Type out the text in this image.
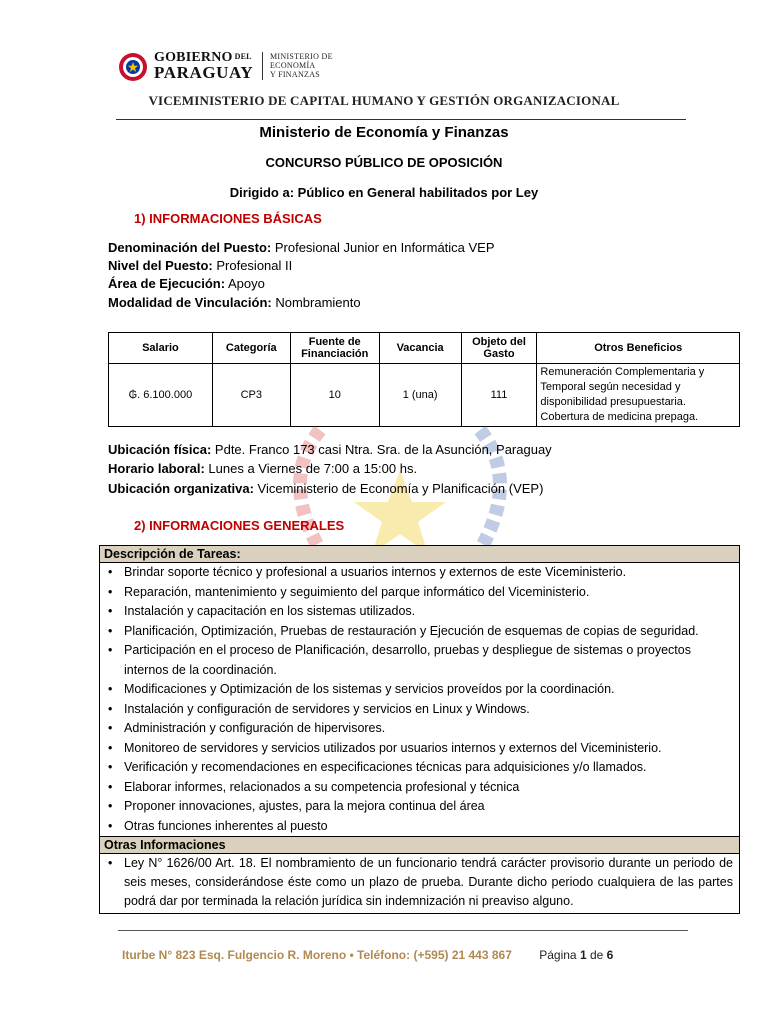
GOBIERNO DEL
PARAGUAY
MINISTERIO DE
ECONOMÍA
Y FINANZAS
VICEMINISTERIO DE CAPITAL HUMANO Y GESTIÓN ORGANIZACIONAL
Ministerio de Economía y Finanzas
CONCURSO PÚBLICO DE OPOSICIÓN
Dirigido a: Público en General habilitados por Ley
1) INFORMACIONES BÁSICAS
Denominación del Puesto: Profesional Junior en Informática VEP
Nivel del Puesto: Profesional II
Área de Ejecución: Apoyo
Modalidad de Vinculación: Nombramiento
Salario	Categoría	Fuente de Financiación	Vacancia	Objeto del Gasto	Otros Beneficios
₲. 6.100.000	CP3	10	1 (una)	111	Remuneración Complementaria y Temporal según necesidad y disponibilidad presupuestaria. Cobertura de medicina prepaga.
Ubicación física: Pdte. Franco 173 casi Ntra. Sra. de la Asunción, Paraguay
Horario laboral: Lunes a Viernes de 7:00 a 15:00 hs.
Ubicación organizativa: Viceministerio de Economía y Planificación (VEP)
2) INFORMACIONES GENERALES
Descripción de Tareas:
• Brindar soporte técnico y profesional a usuarios internos y externos de este Viceministerio.
• Reparación, mantenimiento y seguimiento del parque informático del Viceministerio.
• Instalación y capacitación en los sistemas utilizados.
• Planificación, Optimización, Pruebas de restauración y Ejecución de esquemas de copias de seguridad.
• Participación en el proceso de Planificación, desarrollo, pruebas y despliegue de sistemas o proyectos internos de la coordinación.
• Modificaciones y Optimización de los sistemas y servicios proveídos por la coordinación.
• Instalación y configuración de servidores y servicios en Linux y Windows.
• Administración y configuración de hipervisores.
• Monitoreo de servidores y servicios utilizados por usuarios internos y externos del Viceministerio.
• Verificación y recomendaciones en especificaciones técnicas para adquisiciones y/o llamados.
• Elaborar informes, relacionados a su competencia profesional y técnica
• Proponer innovaciones, ajustes, para la mejora continua del área
• Otras funciones inherentes al puesto
Otras Informaciones
• Ley N° 1626/00 Art. 18. El nombramiento de un funcionario tendrá carácter provisorio durante un periodo de seis meses, considerándose éste como un plazo de prueba. Durante dicho periodo cualquiera de las partes podrá dar por terminada la relación jurídica sin indemnización ni preaviso alguno.
Iturbe N° 823 Esq. Fulgencio R. Moreno • Teléfono: (+595) 21 443 867 Página 1 de 6
